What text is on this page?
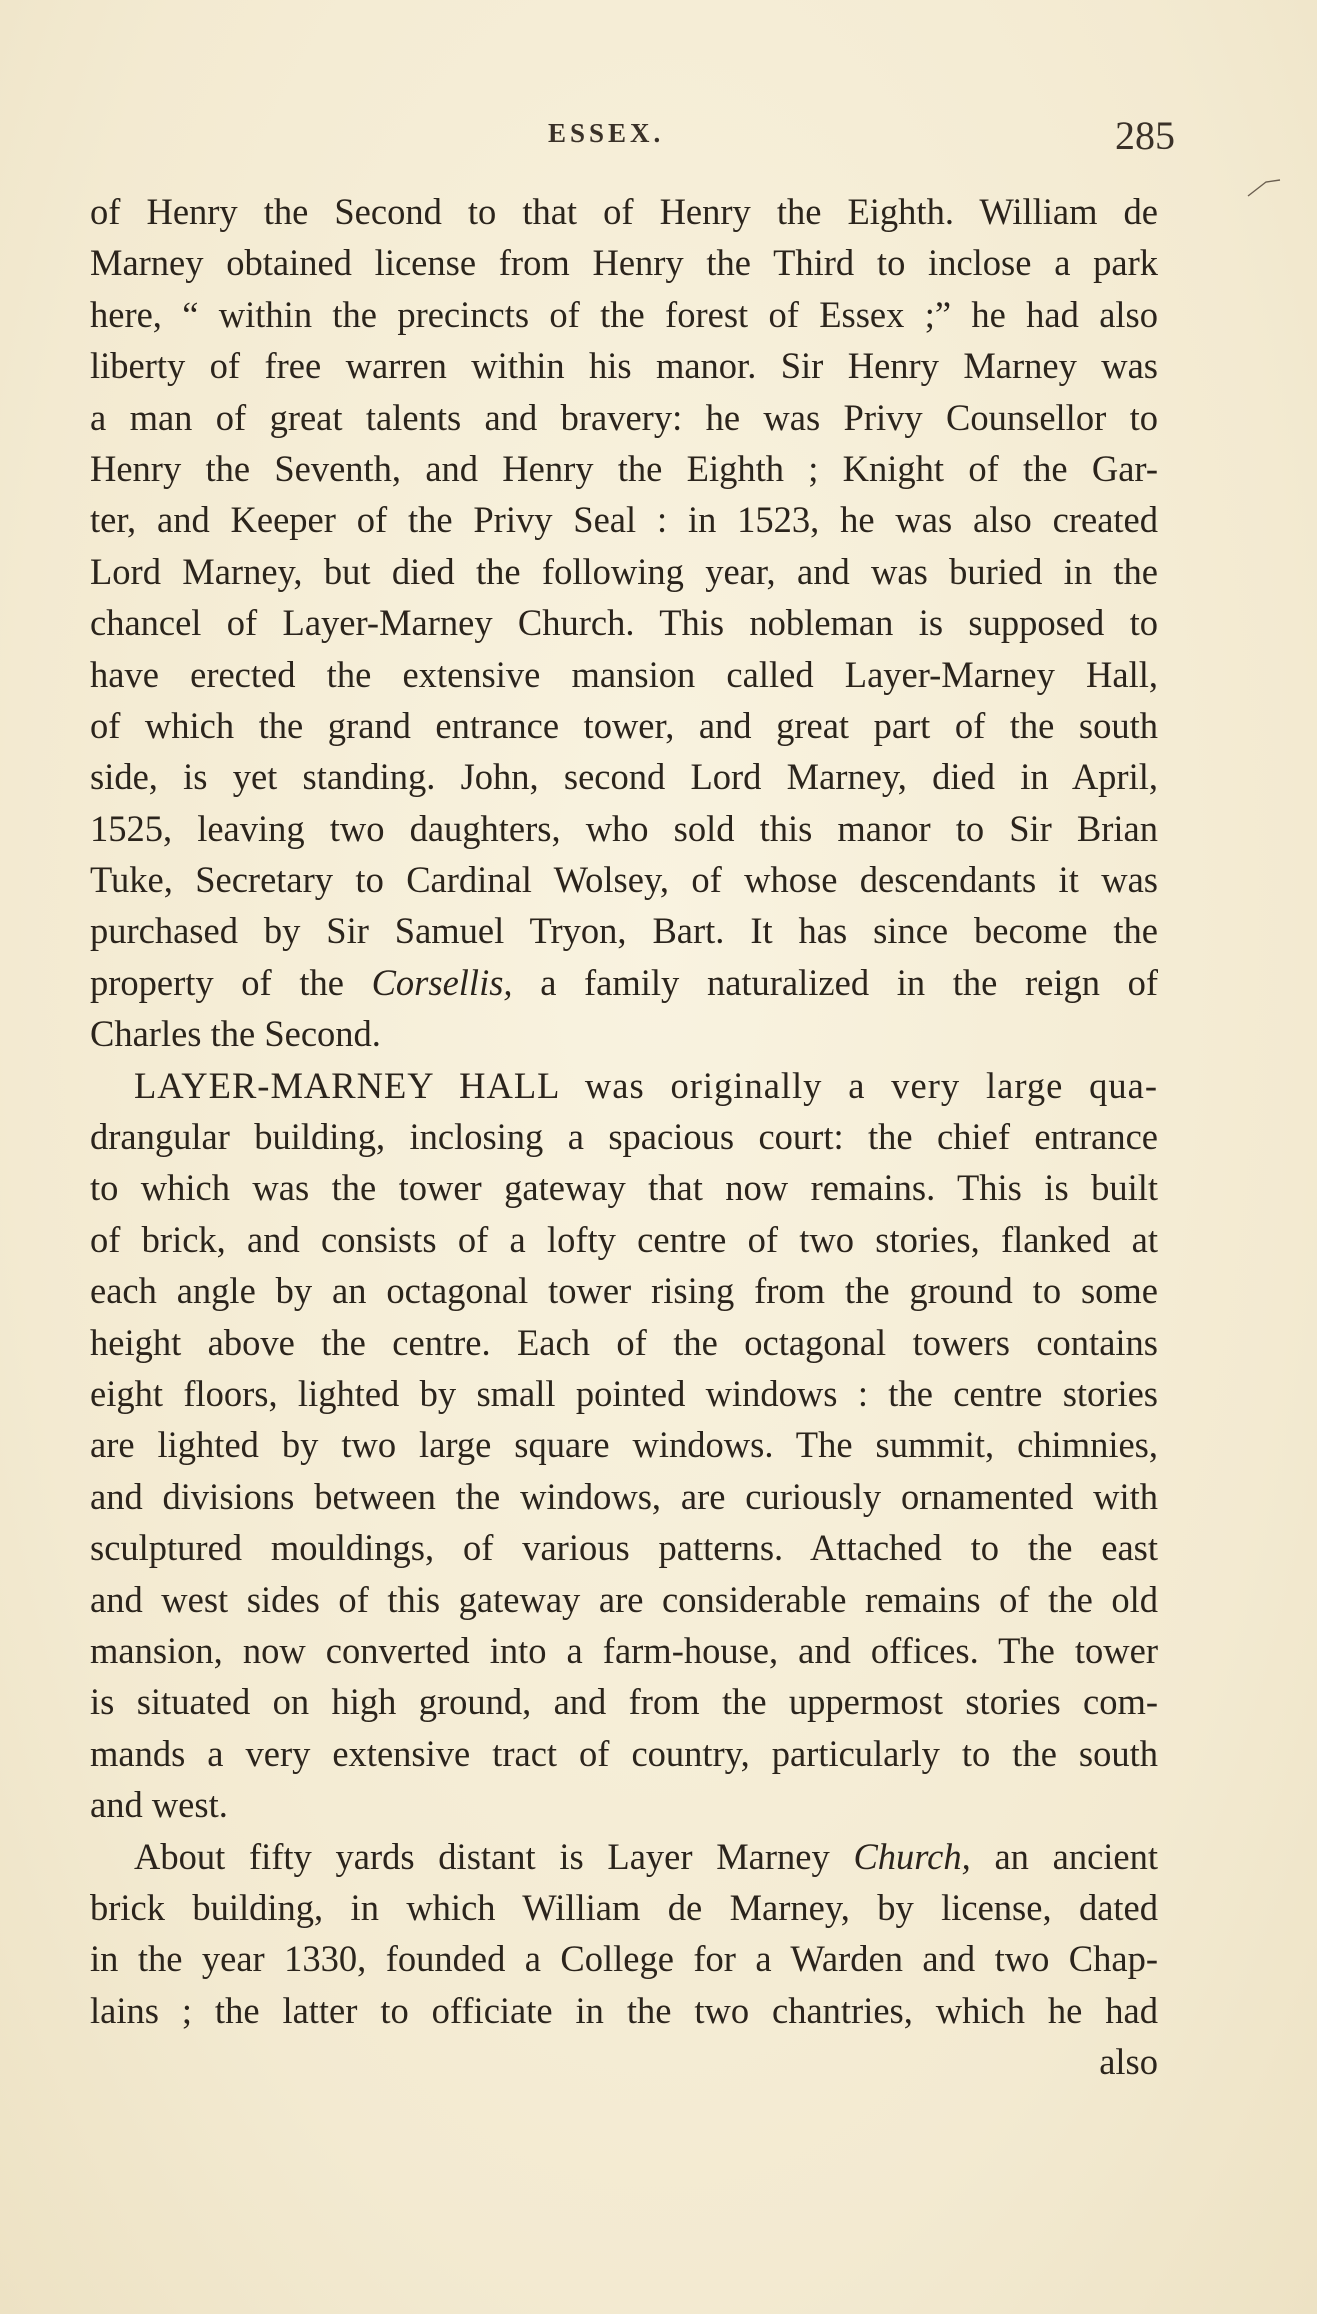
ESSEX.	285
of Henry the Second to that of Henry the Eighth. William de
Marney obtained license from Henry the Third to inclose a park
here, “ within the precincts of the forest of Essex ;” he had also
liberty of free warren within his manor. Sir Henry Marney was
a man of great talents and bravery: he was Privy Counsellor to
Henry the Seventh, and Henry the Eighth ; Knight of the Gar-
ter, and Keeper of the Privy Seal : in 1523, he was also created
Lord Marney, but died the following year, and was buried in the
chancel of Layer-Marney Church. This nobleman is supposed to
have erected the extensive mansion called Layer-Marney Hall,
of which the grand entrance tower, and great part of the south
side, is yet standing. John, second Lord Marney, died in April,
1525, leaving two daughters, who sold this manor to Sir Brian
Tuke, Secretary to Cardinal Wolsey, of whose descendants it was
purchased by Sir Samuel Tryon, Bart. It has since become the
property of the Corsellis, a family naturalized in the reign of
Charles the Second.
LAYER-MARNEY HALL was originally a very large qua-
drangular building, inclosing a spacious court: the chief entrance
to which was the tower gateway that now remains. This is built
of brick, and consists of a lofty centre of two stories, flanked at
each angle by an octagonal tower rising from the ground to some
height above the centre. Each of the octagonal towers contains
eight floors, lighted by small pointed windows : the centre stories
are lighted by two large square windows. The summit, chimnies,
and divisions between the windows, are curiously ornamented with
sculptured mouldings, of various patterns. Attached to the east
and west sides of this gateway are considerable remains of the old
mansion, now converted into a farm-house, and offices. The tower
is situated on high ground, and from the uppermost stories com-
mands a very extensive tract of country, particularly to the south
and west.
About fifty yards distant is Layer Marney Church, an ancient
brick building, in which William de Marney, by license, dated
in the year 1330, founded a College for a Warden and two Chap-
lains ; the latter to officiate in the two chantries, which he had
also
